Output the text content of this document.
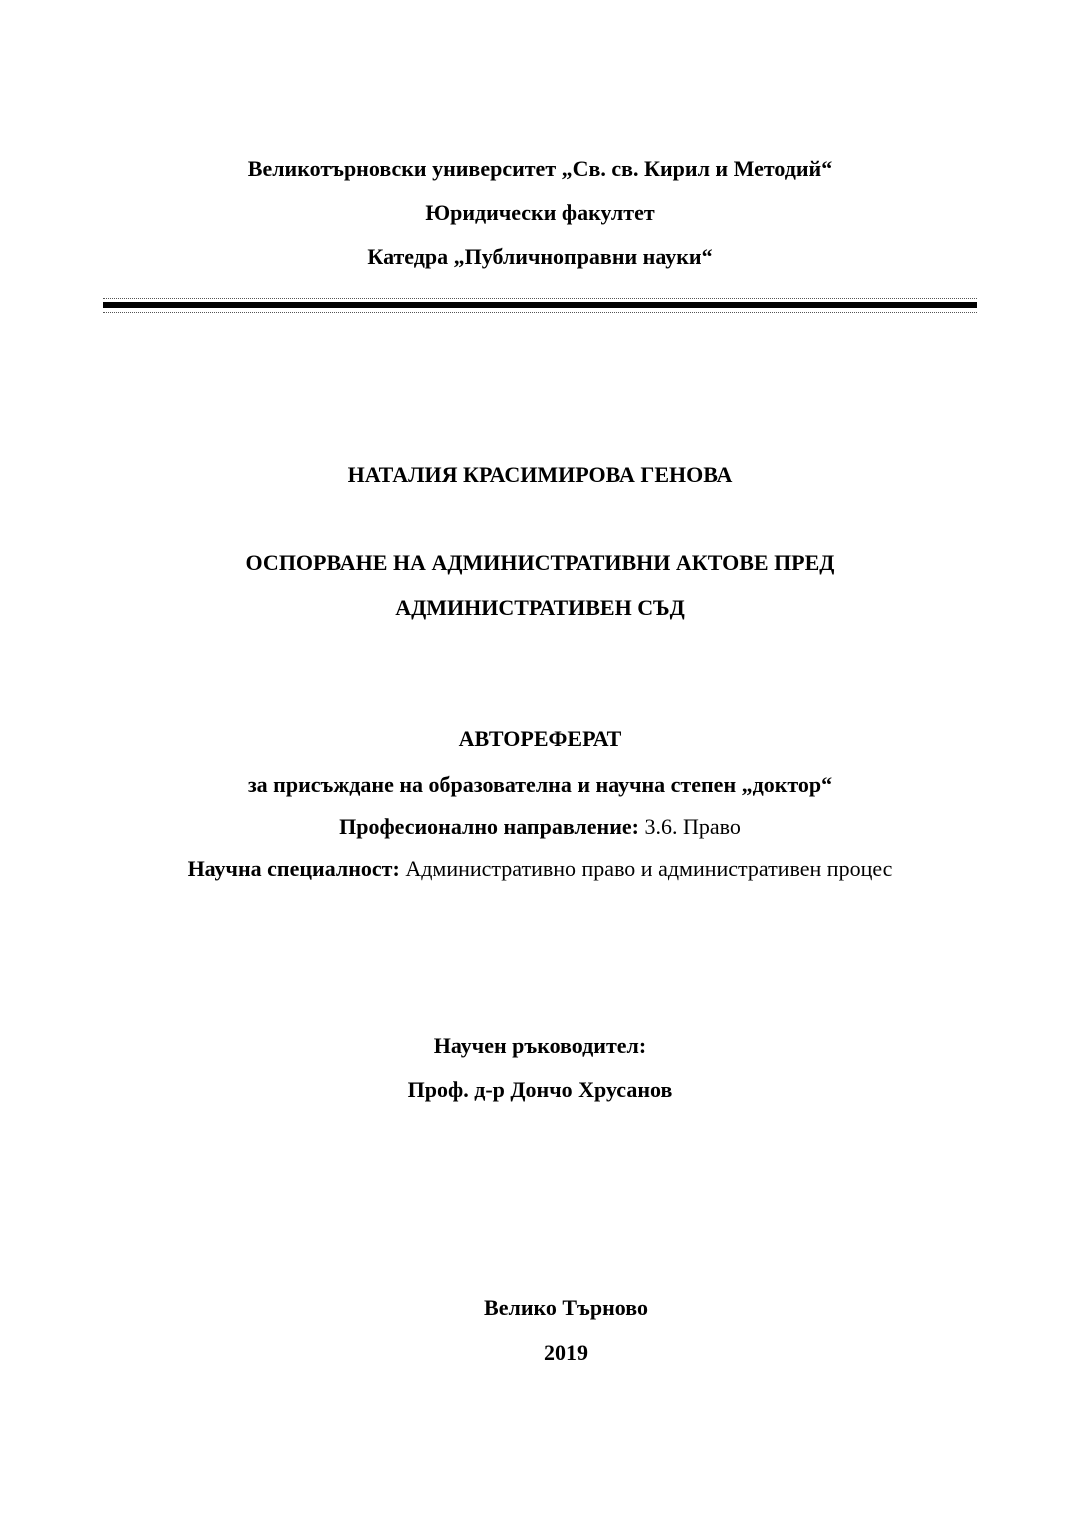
Великотърновски университет „Св. св. Кирил и Методий“
Юридически факултет
Катедра „Публичноправни науки“
НАТАЛИЯ КРАСИМИРОВА ГЕНОВА
ОСПОРВАНЕ НА АДМИНИСТРАТИВНИ АКТОВЕ ПРЕД
АДМИНИСТРАТИВЕН СЪД
АВТОРЕФЕРАТ
за присъждане на образователна и научна степен „доктор“
Професионално направление: 3.6. Право
Научна специалност: Административно право и административен процес
Научен ръководител:
Проф. д-р Дончо Хрусанов
Велико Търново
2019
